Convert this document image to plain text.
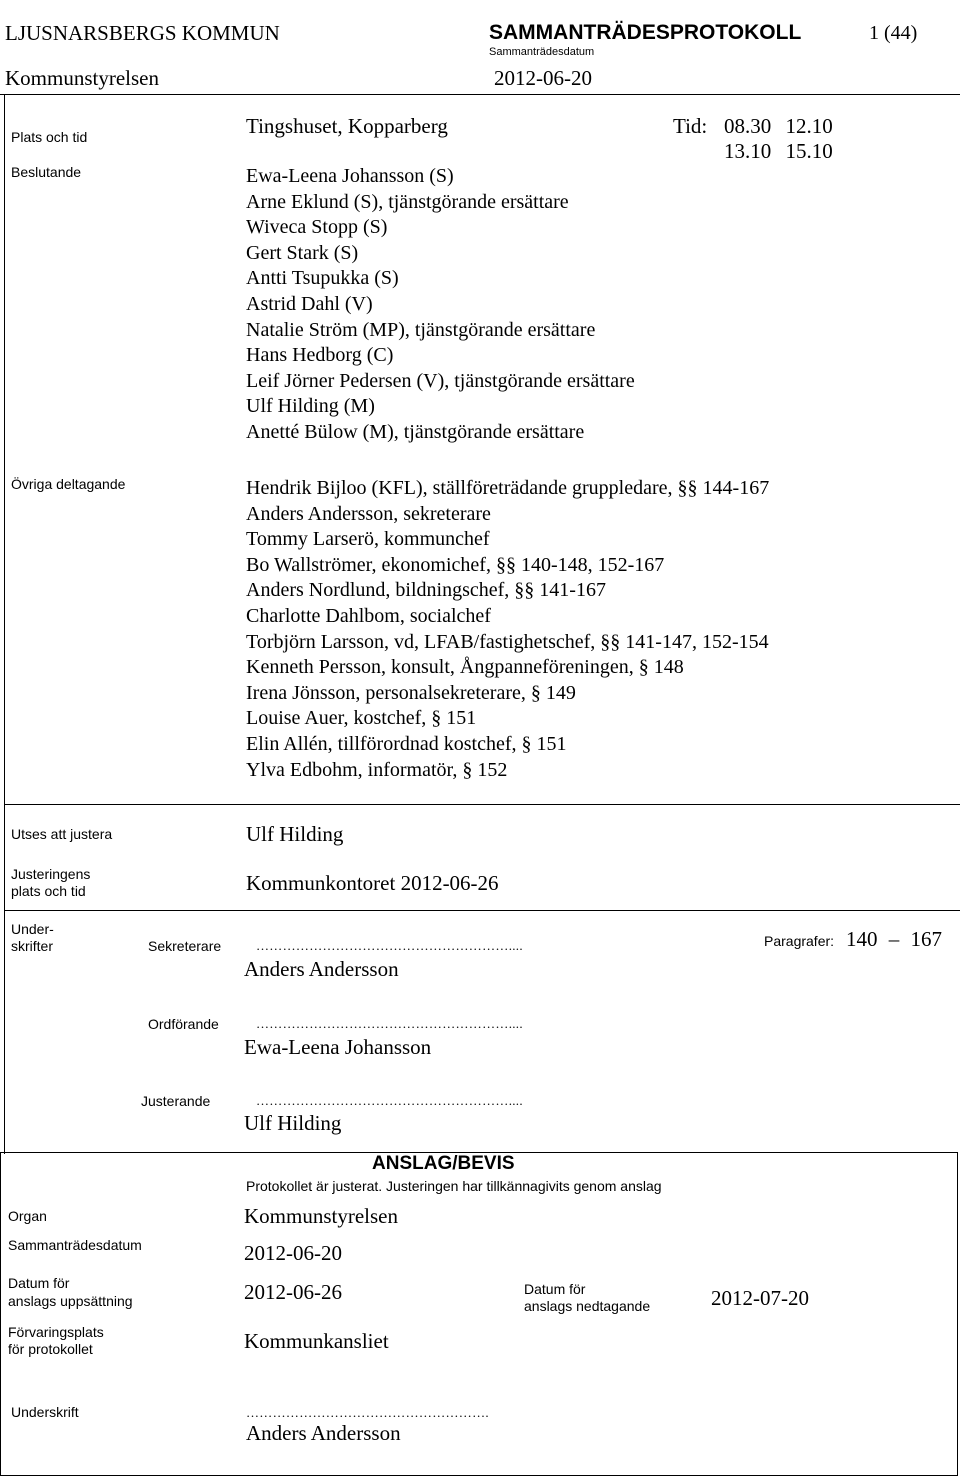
LJUSNARSBERGS KOMMUN	SAMMANTRÄDESPROTOKOLL	1 (44)
Sammanträdesdatum
Kommunstyrelsen	2012-06-20
Plats och tid	Tingshuset, Kopparberg	Tid: 08.30 12.10
13.10 15.10
Beslutande	Ewa-Leena Johansson (S)
Arne Eklund (S), tjänstgörande ersättare
Wiveca Stopp (S)
Gert Stark (S)
Antti Tsupukka (S)
Astrid Dahl (V)
Natalie Ström (MP), tjänstgörande ersättare
Hans Hedborg (C)
Leif Jörner Pedersen (V), tjänstgörande ersättare
Ulf Hilding (M)
Anetté Bülow (M), tjänstgörande ersättare
Övriga deltagande	Hendrik Bijloo (KFL), ställföreträdande gruppledare, §§ 144-167
Anders Andersson, sekreterare
Tommy Larserö, kommunchef
Bo Wallströmer, ekonomichef, §§ 140-148, 152-167
Anders Nordlund, bildningschef, §§ 141-167
Charlotte Dahlbom, socialchef
Torbjörn Larsson, vd, LFAB/fastighetschef, §§ 141-147, 152-154
Kenneth Persson, konsult, Ångpanneföreningen, § 148
Irena Jönsson, personalsekreterare, § 149
Louise Auer, kostchef, § 151
Elin Allén, tillförordnad kostchef, § 151
Ylva Edbohm, informatör, § 152
Utses att justera	Ulf Hilding
Justeringens
plats och tid	Kommunkontoret 2012-06-26
Under-
skrifter	Sekreterare	…………………………………………………....
Anders Andersson
Paragrafer: 140 – 167
Ordförande	…………………………………………………....
Ewa-Leena Johansson
Justerande	…………………………………………………....
Ulf Hilding
ANSLAG/BEVIS
Protokollet är justerat. Justeringen har tillkännagivits genom anslag
Organ	Kommunstyrelsen
Sammanträdesdatum	2012-06-20
Datum för
anslags uppsättning	2012-06-26	Datum för
anslags nedtagande	2012-07-20
Förvaringsplats
för protokollet	Kommunkansliet
Underskrift	……………………………………………….
Anders Andersson
